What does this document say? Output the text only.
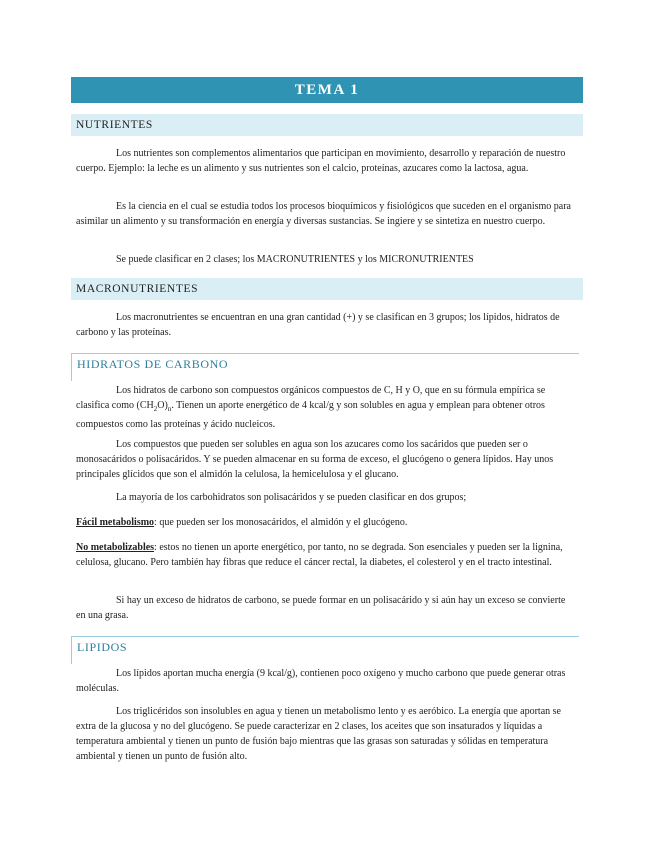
TEMA 1
NUTRIENTES

Los nutrientes son complementos alimentarios que participan en movimiento, desarrollo y reparación de nuestro cuerpo. Ejemplo: la leche es un alimento y sus nutrientes son el calcio, proteínas, azucares como la lactosa, agua.

Es la ciencia en el cual se estudia todos los procesos bioquímicos y fisiológicos que suceden en el organismo para asimilar un alimento y su transformación en energía y diversas sustancias. Se ingiere y se sintetiza en nuestro cuerpo.

Se puede clasificar en 2 clases; los MACRONUTRIENTES y los MICRONUTRIENTES

MACRONUTRIENTES

Los macronutrientes se encuentran en una gran cantidad (+) y se clasifican en 3 grupos; los lípidos, hidratos de carbono y las proteínas.

HIDRATOS DE CARBONO

Los hidratos de carbono son compuestos orgánicos compuestos de C, H y O, que en su fórmula empírica se clasifica como $(CH_2O)_n$. Tienen un aporte energético de 4 kcal/g y son solubles en agua y emplean para obtener otros compuestos como las proteínas y ácido nucleicos.

Los compuestos que pueden ser solubles en agua son los azucares como los sacáridos que pueden ser o monosacáridos o polisacáridos. Y se pueden almacenar en su forma de exceso, el glucógeno o genera lípidos. Hay unos principales glícidos que son el almidón la celulosa, la hemicelulosa y el glucano.

La mayoría de los carbohidratos son polisacáridos y se pueden clasificar en dos grupos;

Fácil metabolismo: que pueden ser los monosacáridos, el almidón y el glucógeno.

No metabolizables: estos no tienen un aporte energético, por tanto, no se degrada. Son esenciales y pueden ser la lignina, celulosa, glucano. Pero también hay fibras que reduce el cáncer rectal, la diabetes, el colesterol y en el tracto intestinal.

Si hay un exceso de hidratos de carbono, se puede formar en un polisacárido y si aún hay un exceso se convierte en una grasa.

LIPIDOS

Los lípidos aportan mucha energía (9 kcal/g), contienen poco oxígeno y mucho carbono que puede generar otras moléculas.

Los triglicéridos son insolubles en agua y tienen un metabolismo lento y es aeróbico. La energía que aportan se extra de la glucosa y no del glucógeno. Se puede caracterizar en 2 clases, los aceites que son insaturados y líquidas a temperatura ambiental y tienen un punto de fusión bajo mientras que las grasas son saturadas y sólidas en temperatura ambiental y tienen un punto de fusión alto.
